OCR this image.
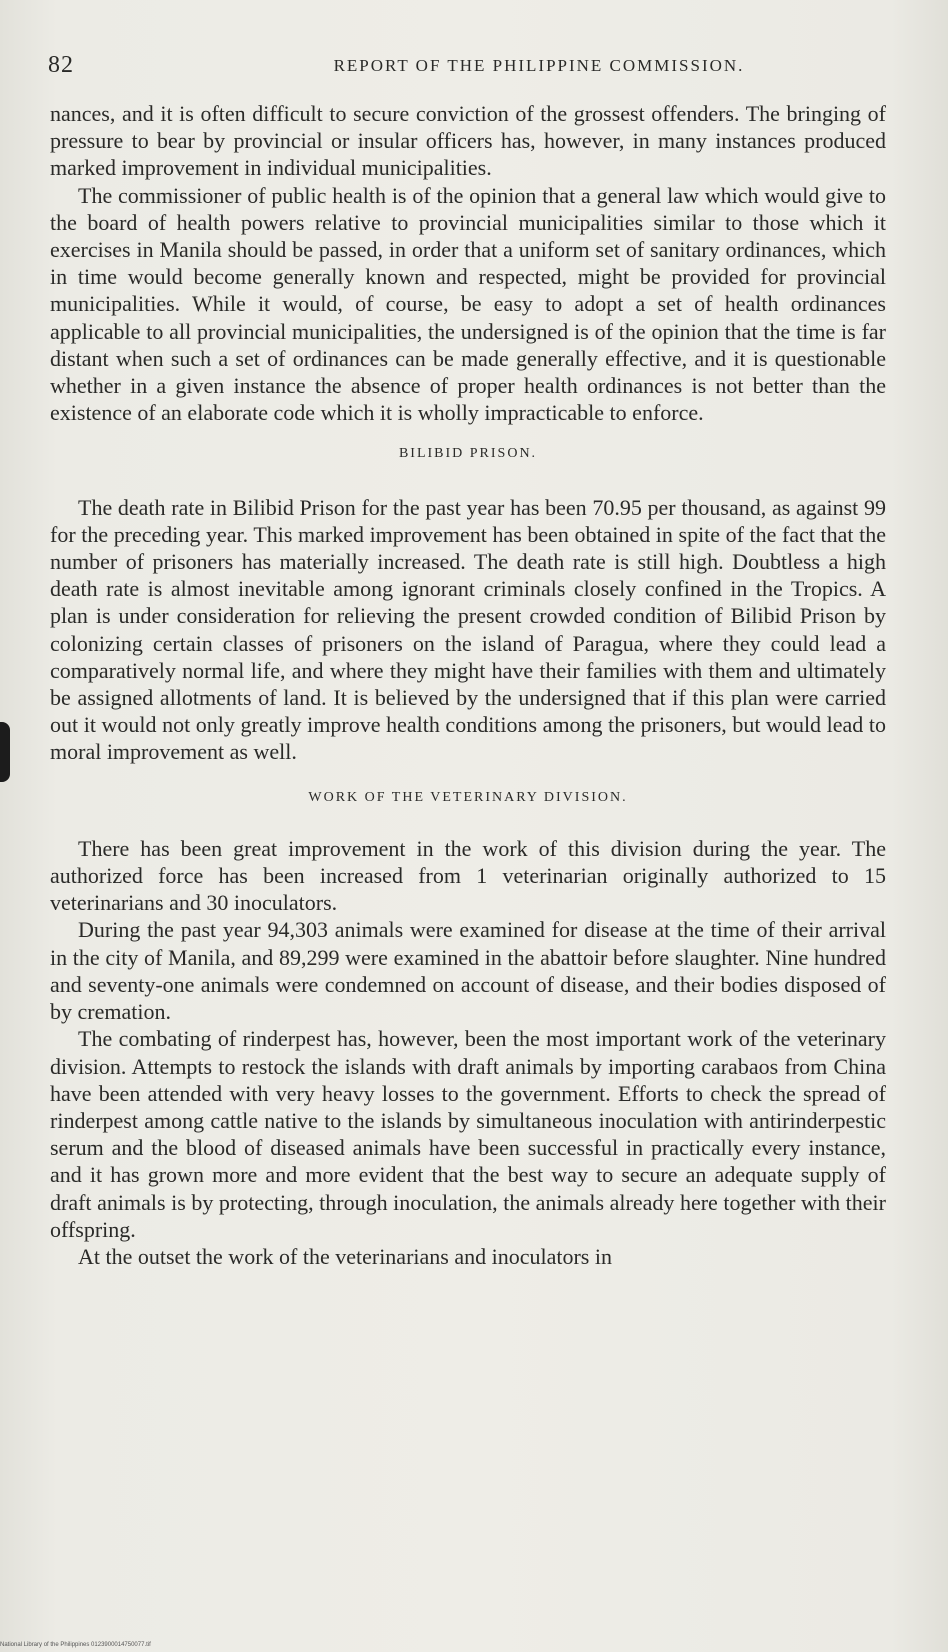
82	REPORT OF THE PHILIPPINE COMMISSION.

nances, and it is often difficult to secure conviction of the grossest offenders. The bringing of pressure to bear by provincial or insular officers has, however, in many instances produced marked improvement in individual municipalities.

The commissioner of public health is of the opinion that a general law which would give to the board of health powers relative to provincial municipalities similar to those which it exercises in Manila should be passed, in order that a uniform set of sanitary ordinances, which in time would become generally known and respected, might be provided for provincial municipalities. While it would, of course, be easy to adopt a set of health ordinances applicable to all provincial municipalities, the undersigned is of the opinion that the time is far distant when such a set of ordinances can be made generally effective, and it is questionable whether in a given instance the absence of proper health ordinances is not better than the existence of an elaborate code which it is wholly impracticable to enforce.

BILIBID PRISON.

The death rate in Bilibid Prison for the past year has been 70.95 per thousand, as against 99 for the preceding year. This marked improvement has been obtained in spite of the fact that the number of prisoners has materially increased. The death rate is still high. Doubtless a high death rate is almost inevitable among ignorant criminals closely confined in the Tropics. A plan is under consideration for relieving the present crowded condition of Bilibid Prison by colonizing certain classes of prisoners on the island of Paragua, where they could lead a comparatively normal life, and where they might have their families with them and ultimately be assigned allotments of land. It is believed by the undersigned that if this plan were carried out it would not only greatly improve health conditions among the prisoners, but would lead to moral improvement as well.

WORK OF THE VETERINARY DIVISION.

There has been great improvement in the work of this division during the year. The authorized force has been increased from 1 veterinarian originally authorized to 15 veterinarians and 30 inoculators.

During the past year 94,303 animals were examined for disease at the time of their arrival in the city of Manila, and 89,299 were examined in the abattoir before slaughter. Nine hundred and seventy-one animals were condemned on account of disease, and their bodies disposed of by cremation.

The combating of rinderpest has, however, been the most important work of the veterinary division. Attempts to restock the islands with draft animals by importing carabaos from China have been attended with very heavy losses to the government. Efforts to check the spread of rinderpest among cattle native to the islands by simultaneous inoculation with antirinderpestic serum and the blood of diseased animals have been successful in practically every instance, and it has grown more and more evident that the best way to secure an adequate supply of draft animals is by protecting, through inoculation, the animals already here together with their offspring.

At the outset the work of the veterinarians and inoculators in

National Library of the Philippines 0123900014750077.tif
